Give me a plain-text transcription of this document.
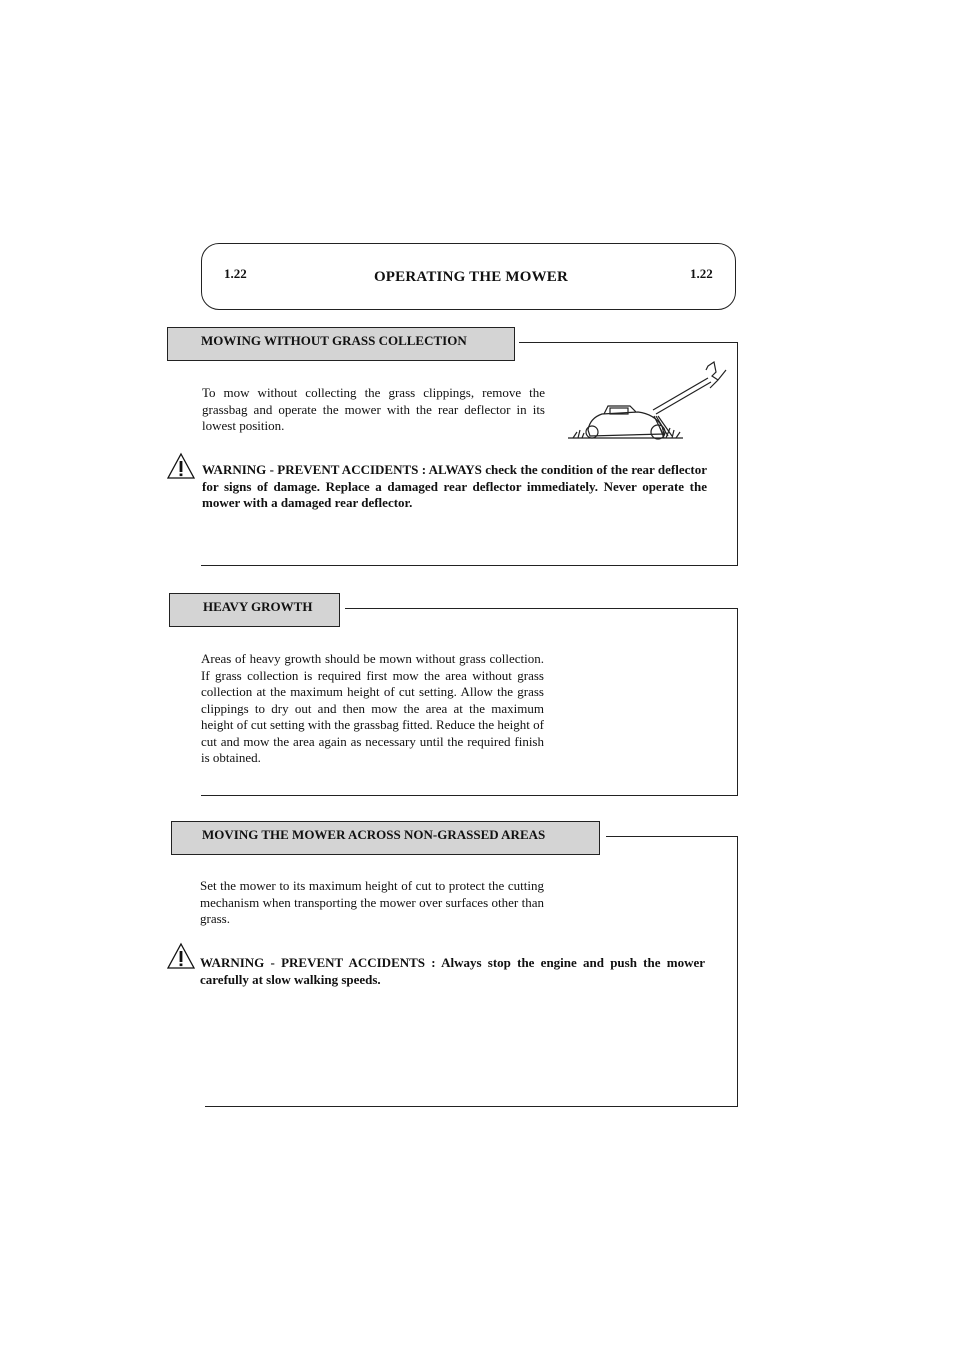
1.22	OPERATING THE MOWER	1.22
MOWING WITHOUT GRASS COLLECTION
To mow without collecting the grass clippings, remove the grassbag and operate the mower with the rear deflector in its lowest position.
WARNING - PREVENT ACCIDENTS : ALWAYS check the condition of the rear deflector for signs of damage. Replace a damaged rear deflector immediately. Never operate the mower with a damaged rear deflector.
HEAVY GROWTH
Areas of heavy growth should be mown without grass collection. If grass collection is required first mow the area without grass collection at the maximum height of cut setting. Allow the grass clippings to dry out and then mow the area at the maximum height of cut setting with the grassbag fitted. Reduce the height of cut and mow the area again as necessary until the required finish is obtained.
MOVING THE MOWER ACROSS NON-GRASSED AREAS
Set the mower to its maximum height of cut to protect the cutting mechanism when transporting the mower over surfaces other than grass.
WARNING - PREVENT ACCIDENTS : Always stop the engine and push the mower carefully at slow walking speeds.
